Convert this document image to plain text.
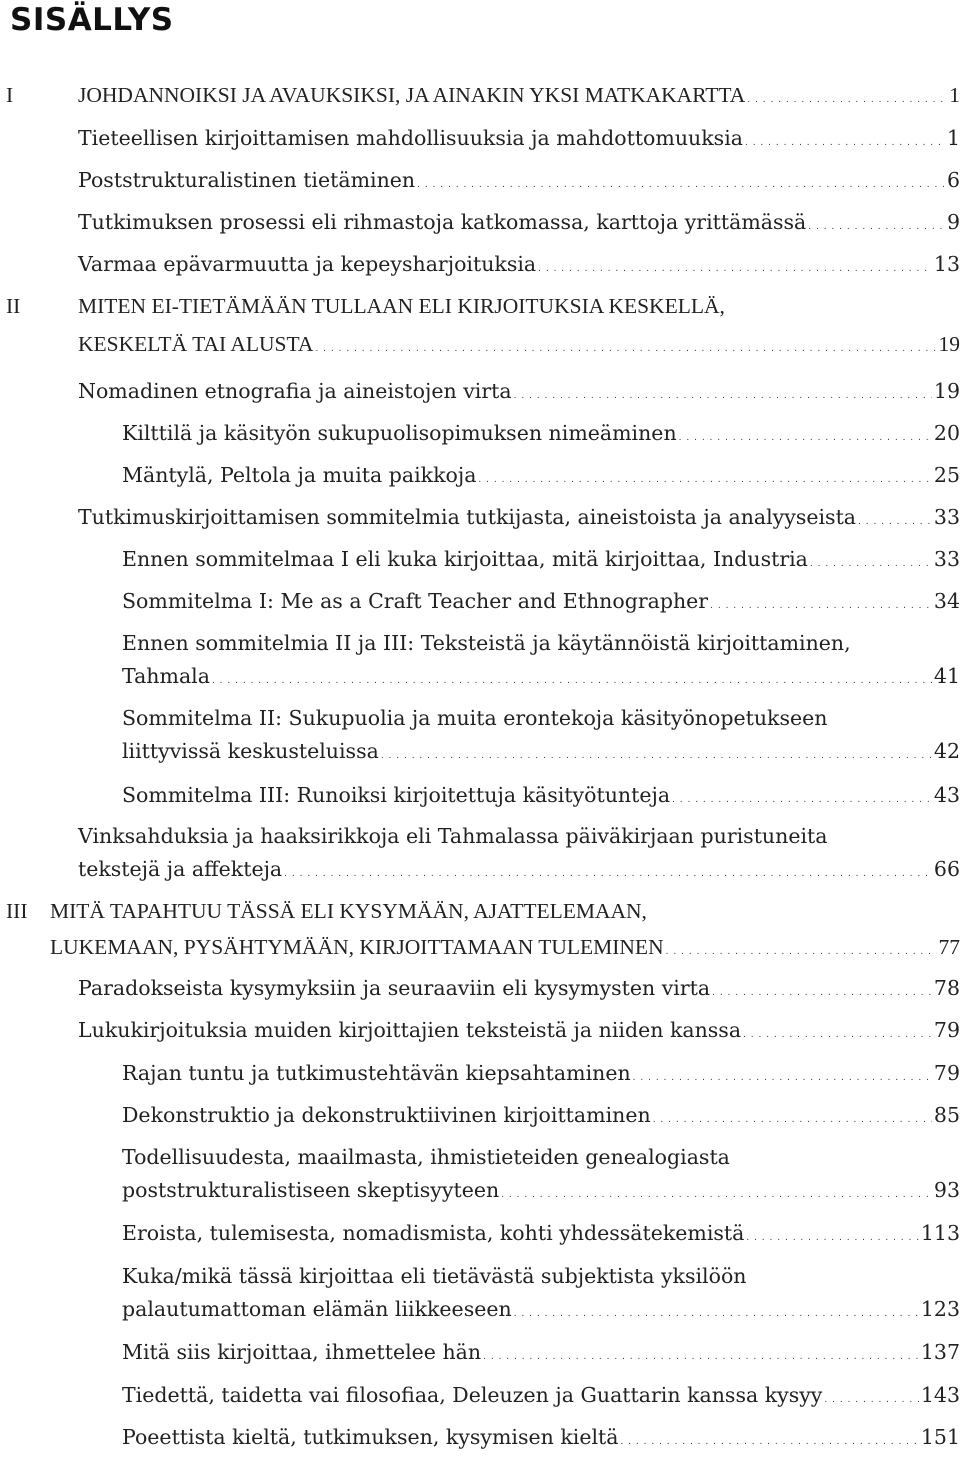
SISÄLLYS
I	JOHDANNOIKSI JA AVAUKSIKSI, JA AINAKIN YKSI MATKAKARTTA . . .	1
Tieteellisen kirjoittamisen mahdollisuuksia ja mahdottomuuksia . . .	1
Poststrukturalistinen tietäminen . . .	6
Tutkimuksen prosessi eli rihmastoja katkomassa, karttoja yrittämässä . . .	9
Varmaa epävarmuutta ja kepeysharjoituksia . . .	13
II	MITEN EI-TIETÄMÄÄN TULLAAN ELI KIRJOITUKSIA KESKELLÄ,
KESKELTÄ TAI ALUSTA . . .	19
Nomadinen etnografia ja aineistojen virta . . .	19
Kilttilä ja käsityön sukupuolisopimuksen nimeäminen . . .	20
Mäntylä, Peltola ja muita paikkoja . . .	25
Tutkimuskirjoittamisen sommitelmia tutkijasta, aineistoista ja analyyseista . . .	33
Ennen sommitelmaa I eli kuka kirjoittaa, mitä kirjoittaa, Industria . . .	33
Sommitelma I: Me as a Craft Teacher and Ethnographer . . .	34
Ennen sommitelmia II ja III: Teksteistä ja käytännöistä kirjoittaminen,
Tahmala . . .	41
Sommitelma II: Sukupuolia ja muita erontekoja käsityönopetukseen
liittyvissä keskusteluissa . . .	42
Sommitelma III: Runoiksi kirjoitettuja käsityötunteja . . .	43
Vinksahduksia ja haaksirikkoja eli Tahmalassa päiväkirjaan puristuneita
tekstejä ja affekteja . . .	66
III MITÄ TAPAHTUU TÄSSÄ ELI KYSYMÄÄN, AJATTELEMAAN,
LUKEMAAN, PYSÄHTYMÄÄN, KIRJOITTAMAAN TULEMINEN . . .	77
Paradokseista kysymyksiin ja seuraaviin eli kysymysten virta . . .	78
Lukukirjoituksia muiden kirjoittajien teksteistä ja niiden kanssa . . .	79
Rajan tuntu ja tutkimustehtävän kiepsahtaminen . . .	79
Dekonstruktio ja dekonstruktiivinen kirjoittaminen . . .	85
Todellisuudesta, maailmasta, ihmistieteiden genealogiasta
poststrukturalistiseen skeptisyyteen . . .	93
Eroista, tulemisesta, nomadismista, kohti yhdessätekemistä . . .	113
Kuka/mikä tässä kirjoittaa eli tietävästä subjektista yksilöön
palautumattoman elämän liikkeeseen . . .	123
Mitä siis kirjoittaa, ihmettelee hän . . .	137
Tiedettä, taidetta vai filosofiaa, Deleuzen ja Guattarin kanssa kysyy . . .	143
Poeettista kieltä, tutkimuksen, kysymisen kieltä . . .	151
